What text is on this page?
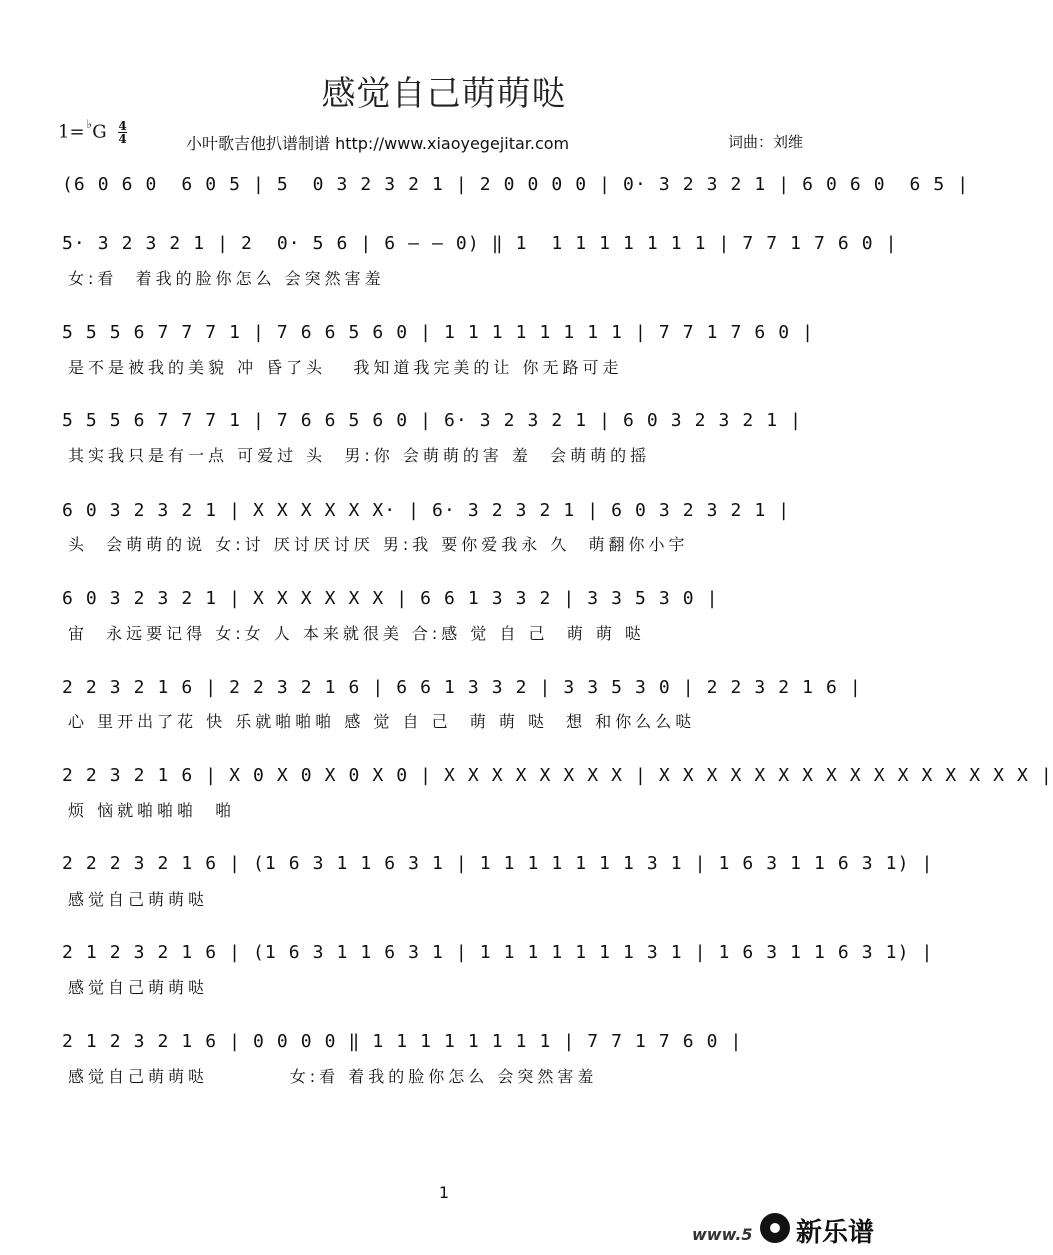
感觉自己萌萌哒
$1= ^♭G \frac{4}{4}$	小叶歌吉他扒谱制谱 http://www.xiaoyegejitar.com	词曲：刘维
(6 0 6 0  6 0 5 | 5  0 3 2 3 2 1 | 2 0 0 0 0 | 0· 3 2 3 2 1 | 6 0 6 0  6 5 |
5· 3 2 3 2 1 | 2  0· 5 6 | 6 — — 0) ‖ 1  1 1 1 1 1 1 1 | 7 7 1 7 6 0 |
女:看  着我的脸你怎么 会突然害羞
5 5 5 6 7 7 7 1 | 7 6 6 5 6 0 | 1 1 1 1 1 1 1 1 | 7 7 1 7 6 0 |
是不是被我的美貌 冲 昏了头   我知道我完美的让 你无路可走
5 5 5 6 7 7 7 1 | 7 6 6 5 6 0 | 6· 3 2 3 2 1 | 6 0 3 2 3 2 1 |
其实我只是有一点 可爱过 头  男:你 会萌萌的害 羞  会萌萌的摇
6 0 3 2 3 2 1 | X X X X X X· | 6· 3 2 3 2 1 | 6 0 3 2 3 2 1 |
头  会萌萌的说 女:讨 厌讨厌讨厌 男:我 要你爱我永 久  萌翻你小宇
6 0 3 2 3 2 1 | X X X X X X | 6 6 1 3 3 2 | 3 3 5 3 0 |
宙  永远要记得 女:女 人 本来就很美 合:感 觉 自 己  萌 萌 哒
2 2 3 2 1 6 | 2 2 3 2 1 6 | 6 6 1 3 3 2 | 3 3 5 3 0 | 2 2 3 2 1 6 |
心 里开出了花 快 乐就啪啪啪 感 觉 自 己  萌 萌 哒  想 和你么么哒
2 2 3 2 1 6 | X 0 X 0 X 0 X 0 | X X X X X X X X | X X X X X X X X X X X X X X X X |
烦 恼就啪啪啪  啪
2 2 2 3 2 1 6 | (1 6 3 1 1 6 3 1 | 1 1 1 1 1 1 1 3 1 | 1 6 3 1 1 6 3 1) |
感觉自己萌萌哒
2 1 2 3 2 1 6 | (1 6 3 1 1 6 3 1 | 1 1 1 1 1 1 1 3 1 | 1 6 3 1 1 6 3 1) |
感觉自己萌萌哒
2 1 2 3 2 1 6 | 0 0 0 0 ‖ 1 1 1 1 1 1 1 1 | 7 7 1 7 6 0 |
感觉自己萌萌哒         女:看 着我的脸你怎么 会突然害羞
1
www.5 新乐谱
